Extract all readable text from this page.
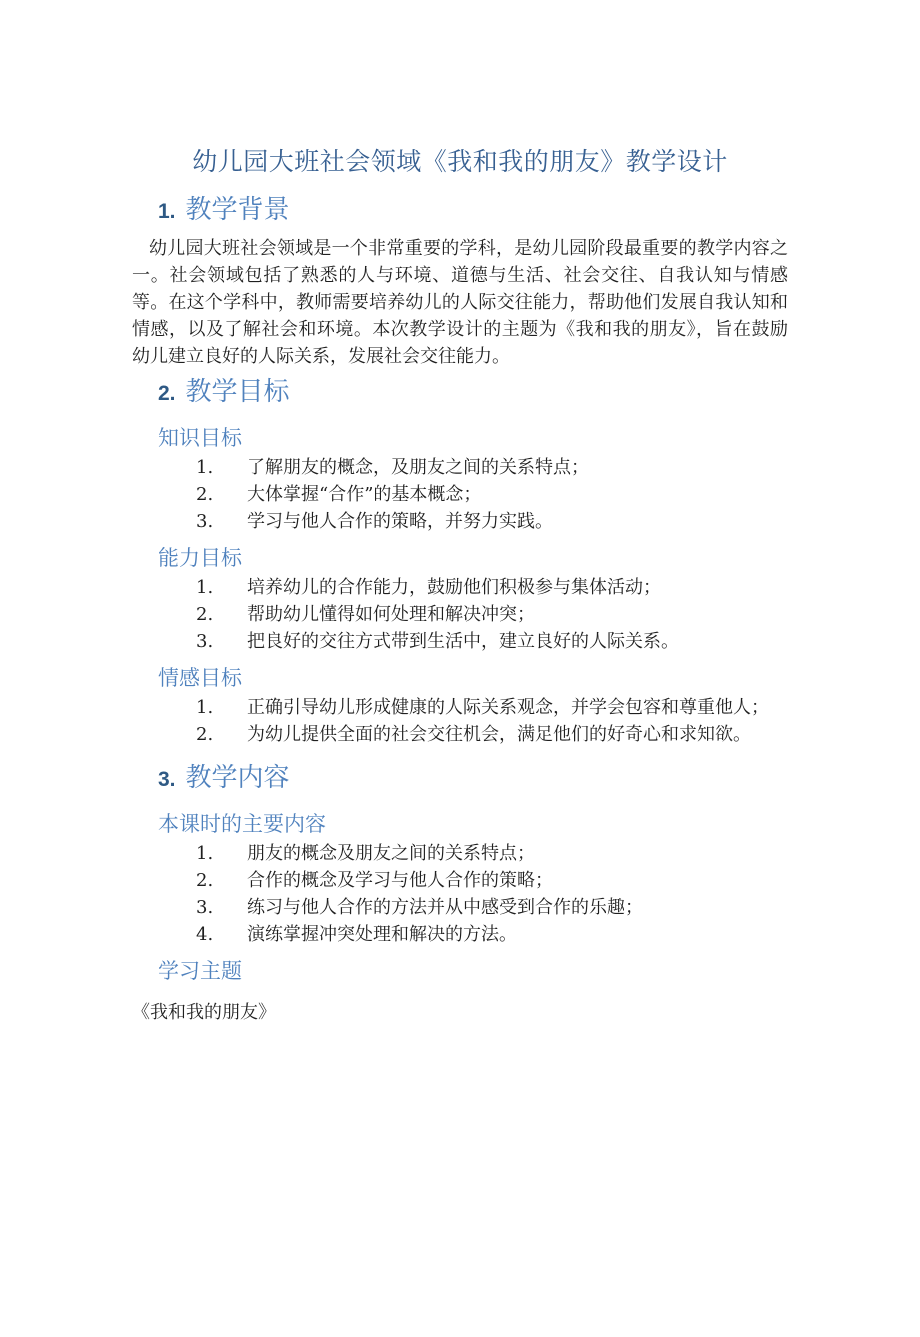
幼儿园大班社会领域《我和我的朋友》教学设计
1. 教学背景

幼儿园大班社会领域是一个非常重要的学科，是幼儿园阶段最重要的教学内容之一。社会领域包括了熟悉的人与环境、道德与生活、社会交往、自我认知与情感等。在这个学科中，教师需要培养幼儿的人际交往能力，帮助他们发展自我认知和情感，以及了解社会和环境。本次教学设计的主题为《我和我的朋友》，旨在鼓励幼儿建立良好的人际关系，发展社会交往能力。

2. 教学目标
知识目标
1.	了解朋友的概念，及朋友之间的关系特点；
2.	大体掌握“合作”的基本概念；
3.	学习与他人合作的策略，并努力实践。
能力目标
1.	培养幼儿的合作能力，鼓励他们积极参与集体活动；
2.	帮助幼儿懂得如何处理和解决冲突；
3.	把良好的交往方式带到生活中，建立良好的人际关系。
情感目标
1.	正确引导幼儿形成健康的人际关系观念，并学会包容和尊重他人；
2.	为幼儿提供全面的社会交往机会，满足他们的好奇心和求知欲。
3. 教学内容
本课时的主要内容
1.	朋友的概念及朋友之间的关系特点；
2.	合作的概念及学习与他人合作的策略；
3.	练习与他人合作的方法并从中感受到合作的乐趣；
4.	演练掌握冲突处理和解决的方法。
学习主题

《我和我的朋友》
